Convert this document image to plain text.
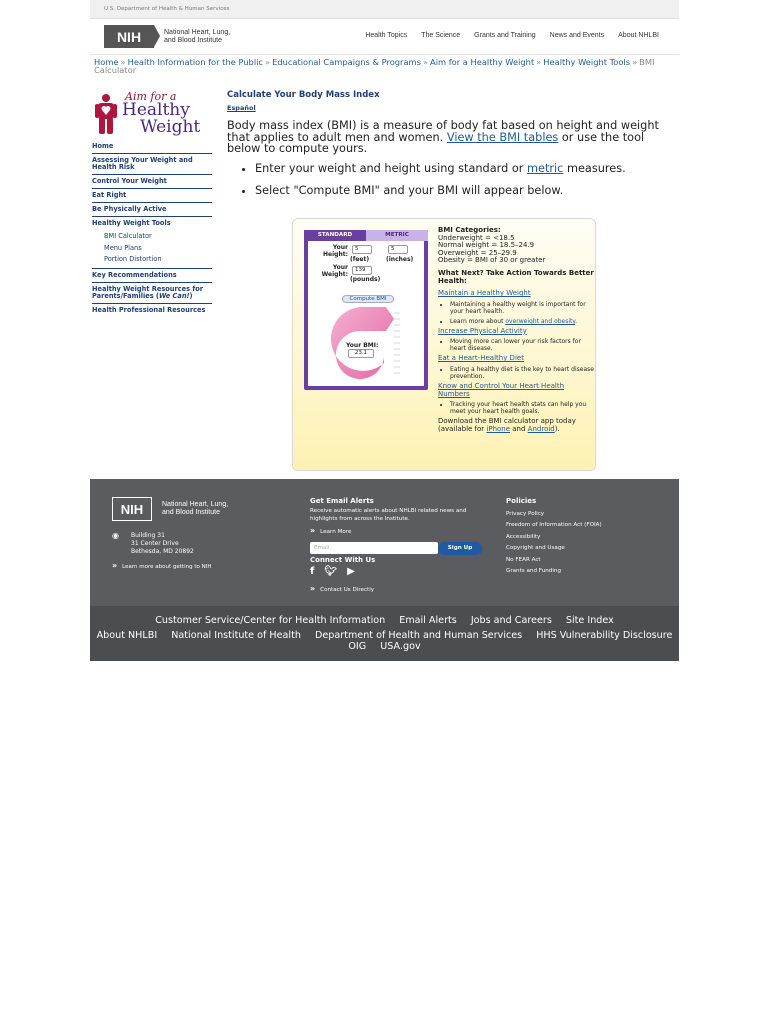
U.S. Department of Health & Human Services
NIH	National Heart, Lung,
and Blood Institute
Health Topics The Science Grants and Training News and Events About NHLBI
Home » Health Information for the Public » Educational Campaigns & Programs » Aim for a Healthy Weight » Healthy Weight Tools » BMI Calculator
Aim for a
Healthy
Weight
Home
Assessing Your Weight and Health Risk
Control Your Weight
Eat Right
Be Physically Active
Healthy Weight Tools
BMI Calculator
Menu Plans
Portion Distortion
Key Recommendations
Healthy Weight Resources for Parents/Families (We Can!)
Health Professional Resources
Calculate Your Body Mass Index
Español

Body mass index (BMI) is a measure of body fat based on height and weight that applies to adult men and women. View the BMI tables or use the tool below to compute yours.

• Enter your weight and height using standard or metric measures.
• Select "Compute BMI" and your BMI will appear below.
STANDARD	METRIC
Your
Height:
5	5
(feet)	(inches)
Your
Weight:
139
(pounds)
Compute BMI
Your BMI:
23.1
BMI Categories:
Underweight = <18.5
Normal weight = 18.5–24.9
Overweight = 25–29.9
Obesity = BMI of 30 or greater
What Next? Take Action Towards Better Health:
Maintain a Healthy Weight
• Maintaining a healthy weight is important for your heart health.
• Learn more about overweight and obesity.
Increase Physical Activity
• Moving more can lower your risk factors for heart disease.
Eat a Heart-Healthy Diet
• Eating a healthy diet is the key to heart disease prevention.
Know and Control Your Heart Health Numbers
• Tracking your heart health stats can help you meet your heart health goals.
Download the BMI calculator app today (available for iPhone and Android).
NIH	National Heart, Lung,
and Blood Institute
◉ Building 31
31 Center Drive
Bethesda, MD 20892
» Learn more about getting to NIH
Get Email Alerts
Receive automatic alerts about NHLBI related news and highlights from across the Institute.
» Learn More
Email	Sign Up
Connect With Us
f 🐦︎ ▶
» Contact Us Directly
Policies
Privacy Policy
Freedom of Information Act (FOIA)
Accessibility
Copyright and Usage
No FEAR Act
Grants and Funding
Customer Service/Center for Health Information Email Alerts Jobs and Careers Site Index
About NHLBI National Institute of Health Department of Health and Human Services HHS Vulnerability Disclosure OIG USA.gov
